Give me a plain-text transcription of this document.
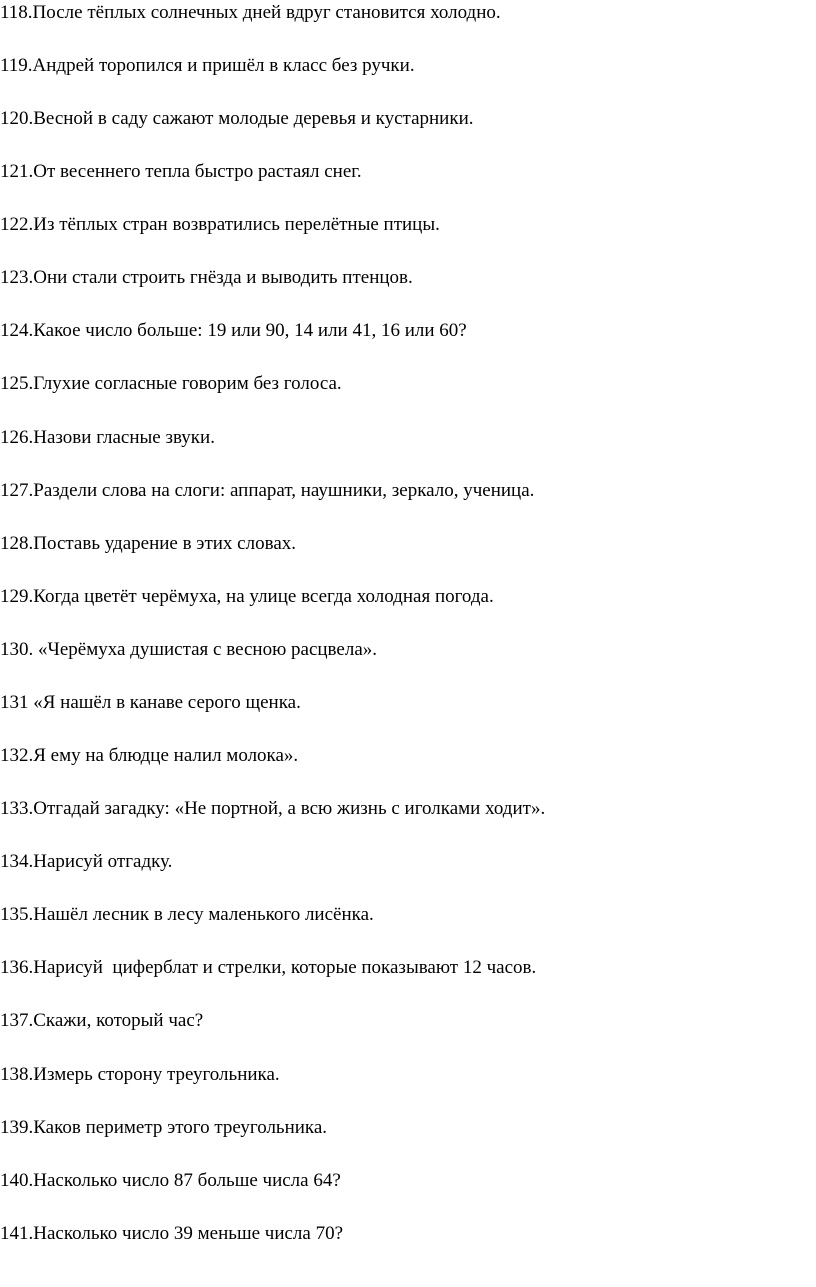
118.После тёплых солнечных дней вдруг становится холодно.
119.Андрей торопился и пришёл в класс без ручки.
120.Весной в саду сажают молодые деревья и кустарники.
121.От весеннего тепла быстро растаял снег.
122.Из тёплых стран возвратились перелётные птицы.
123.Они стали строить гнёзда и выводить птенцов.
124.Какое число больше: 19 или 90, 14 или 41, 16 или 60?
125.Глухие согласные говорим без голоса.
126.Назови гласные звуки.
127.Раздели слова на слоги: аппарат, наушники, зеркало, ученица.
128.Поставь ударение в этих словах.
129.Когда цветёт черёмуха, на улице всегда холодная погода.
130. «Черёмуха душистая с весною расцвела».
131 «Я нашёл в канаве серого щенка.
132.Я ему на блюдце налил молока».
133.Отгадай загадку: «Не портной, а всю жизнь с иголками ходит».
134.Нарисуй отгадку.
135.Нашёл лесник в лесу маленького лисёнка.
136.Нарисуй  циферблат и стрелки, которые показывают 12 часов.
137.Скажи, который час?
138.Измерь сторону треугольника.
139.Каков периметр этого треугольника.
140.Насколько число 87 больше числа 64?
141.Насколько число 39 меньше числа 70?
